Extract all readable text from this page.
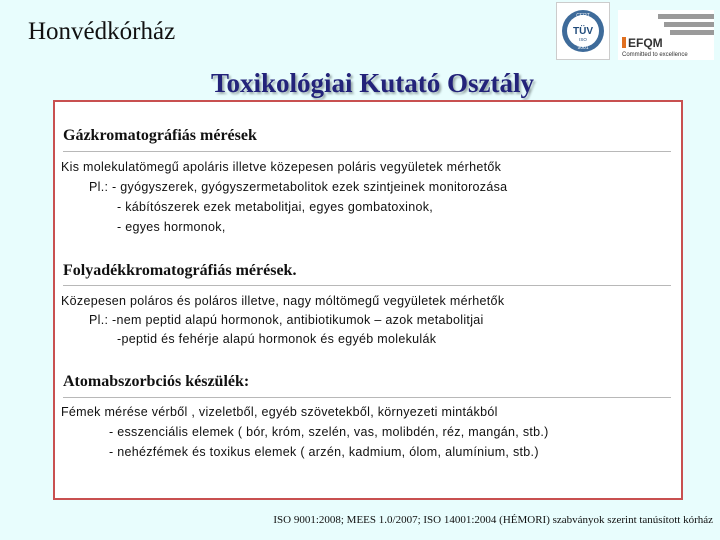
Honvédkórház
CERT
TÜV
ISO
9001	EFQM
Committed to excellence
Toxikológiai Kutató Osztály
Gázkromatográfiás mérések
Kis molekulatömegű apoláris illetve közepesen poláris vegyületek mérhetők
Pl.: - gyógyszerek, gyógyszermetabolitok ezek szintjeinek monitorozása
- kábítószerek ezek metabolitjai, egyes gombatoxinok,
- egyes hormonok,
Folyadékkromatográfiás mérések.
Közepesen poláros és poláros illetve, nagy móltömegű vegyületek mérhetők
Pl.: -nem peptid alapú hormonok, antibiotikumok – azok metabolitjai
-peptid és fehérje alapú hormonok és egyéb molekulák
Atomabszorbciós készülék:
Fémek mérése vérből , vizeletből, egyéb szövetekből, környezeti mintákból
- esszenciális elemek ( bór, króm, szelén, vas, molibdén, réz, mangán, stb.)
- nehézfémek és toxikus elemek ( arzén, kadmium, ólom, alumínium, stb.)
ISO 9001:2008; MEES 1.0/2007; ISO 14001:2004 (HÉMORI) szabványok szerint tanúsított kórház
